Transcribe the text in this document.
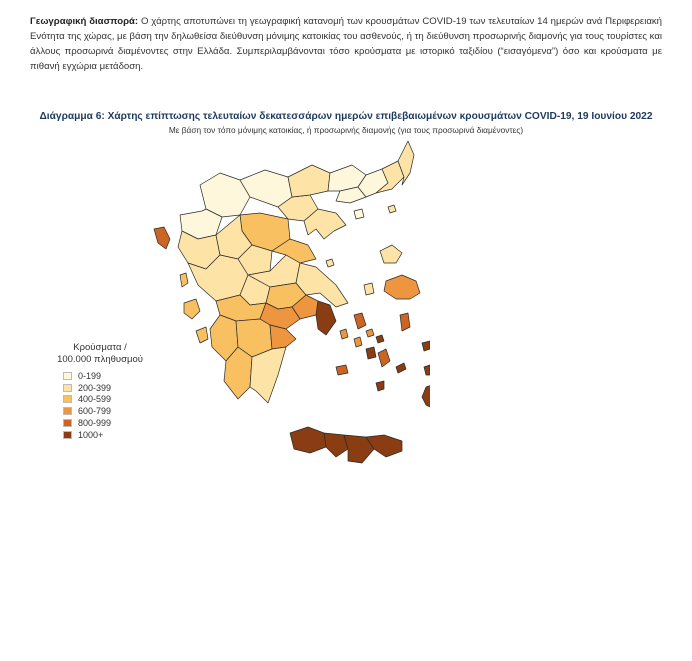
Γεωγραφική διασπορά: Ο χάρτης αποτυπώνει τη γεωγραφική κατανομή των κρουσμάτων COVID-19 των τελευταίων 14 ημερών ανά Περιφερειακή Ενότητα της χώρας, με βάση την δηλωθείσα διεύθυνση μόνιμης κατοικίας του ασθενούς, ή τη διεύθυνση προσωρινής διαμονής για τους τουρίστες και άλλους προσωρινά διαμένοντες στην Ελλάδα. Συμπεριλαμβάνονται τόσο κρούσματα με ιστορικό ταξιδίου (“εισαγόμενα”) όσο και κρούσματα με πιθανή εγχώρια μετάδοση.
Διάγραμμα 6: Χάρτης επίπτωσης τελευταίων δεκατεσσάρων ημερών επιβεβαιωμένων κρουσμάτων COVID-19, 19 Ιουνίου 2022
Με βάση τον τόπο μόνιμης κατοικίας, ή προσωρινής διαμονής (για τους προσωρινά διαμένοντες)
Κρούσματα /
100.000 πληθυσμού
0-199
200-399
400-599
600-799
800-999
1000+
